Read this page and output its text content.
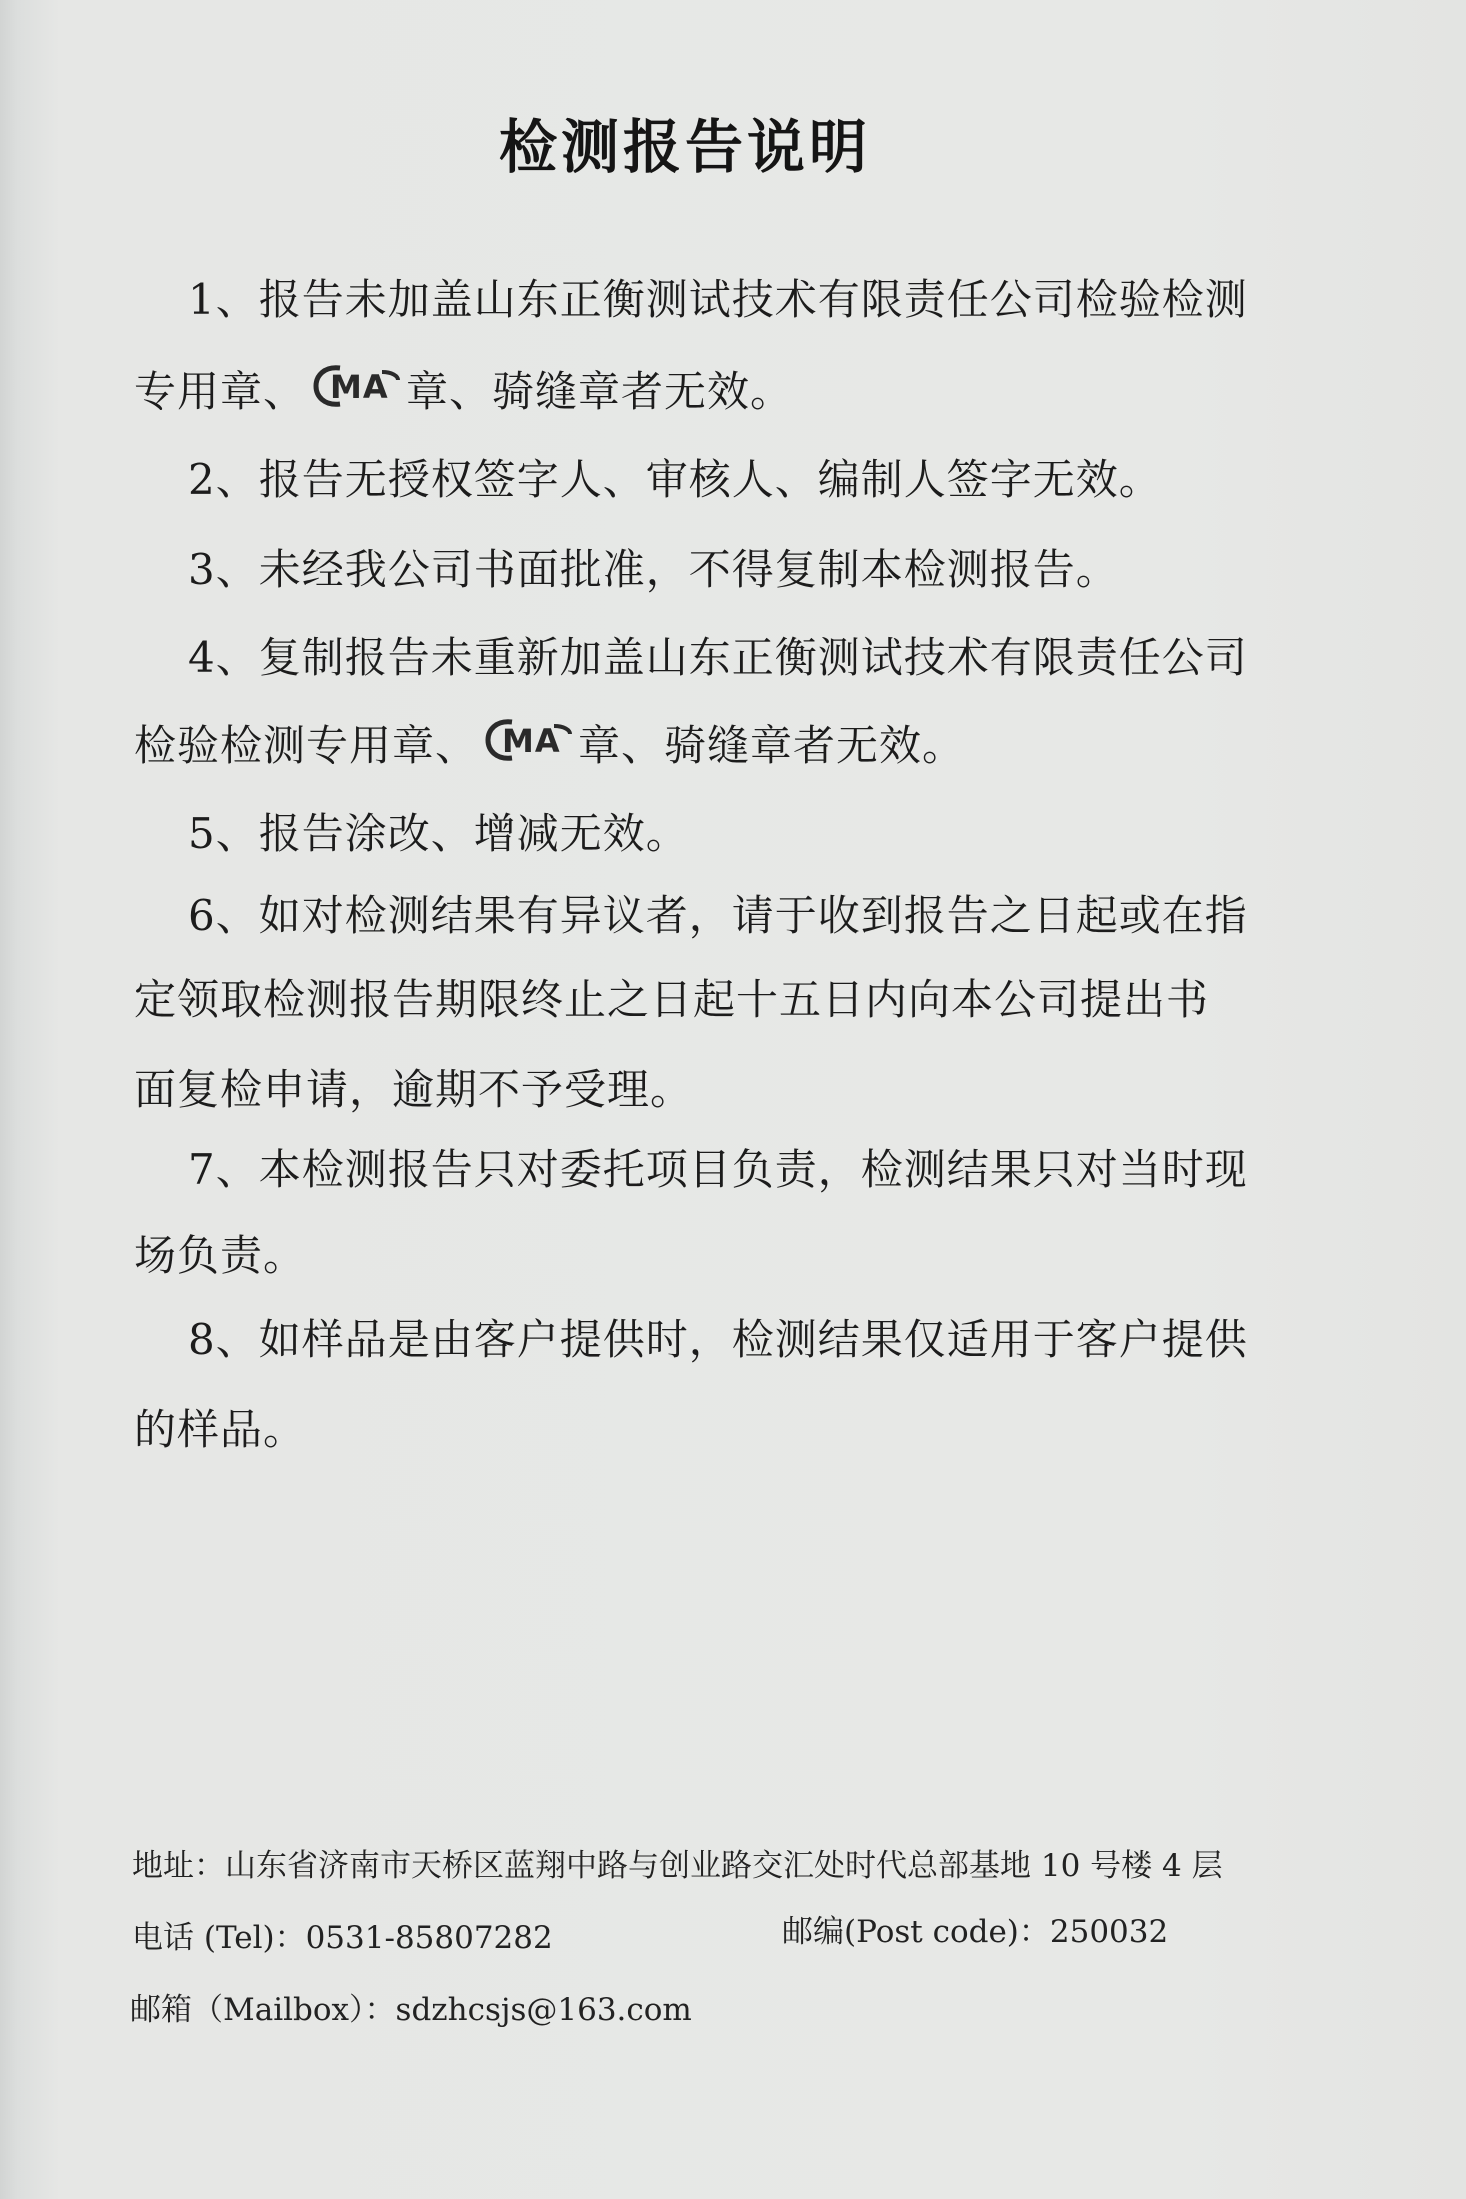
检测报告说明
1、报告未加盖山东正衡测试技术有限责任公司检验检测
专用章、 MA 章、骑缝章者无效。
2、报告无授权签字人、审核人、编制人签字无效。
3、未经我公司书面批准，不得复制本检测报告。
4、复制报告未重新加盖山东正衡测试技术有限责任公司
检验检测专用章、 MA 章、骑缝章者无效。
5、报告涂改、增减无效。
6、如对检测结果有异议者，请于收到报告之日起或在指
定领取检测报告期限终止之日起十五日内向本公司提出书
面复检申请，逾期不予受理。
7、本检测报告只对委托项目负责，检测结果只对当时现
场负责。
8、如样品是由客户提供时，检测结果仅适用于客户提供
的样品。
地址：山东省济南市天桥区蓝翔中路与创业路交汇处时代总部基地 10 号楼 4 层
电话 (Tel)：0531-85807282	邮编(Post code)：250032
邮箱（Mailbox）：sdzhcsjs@163.com
